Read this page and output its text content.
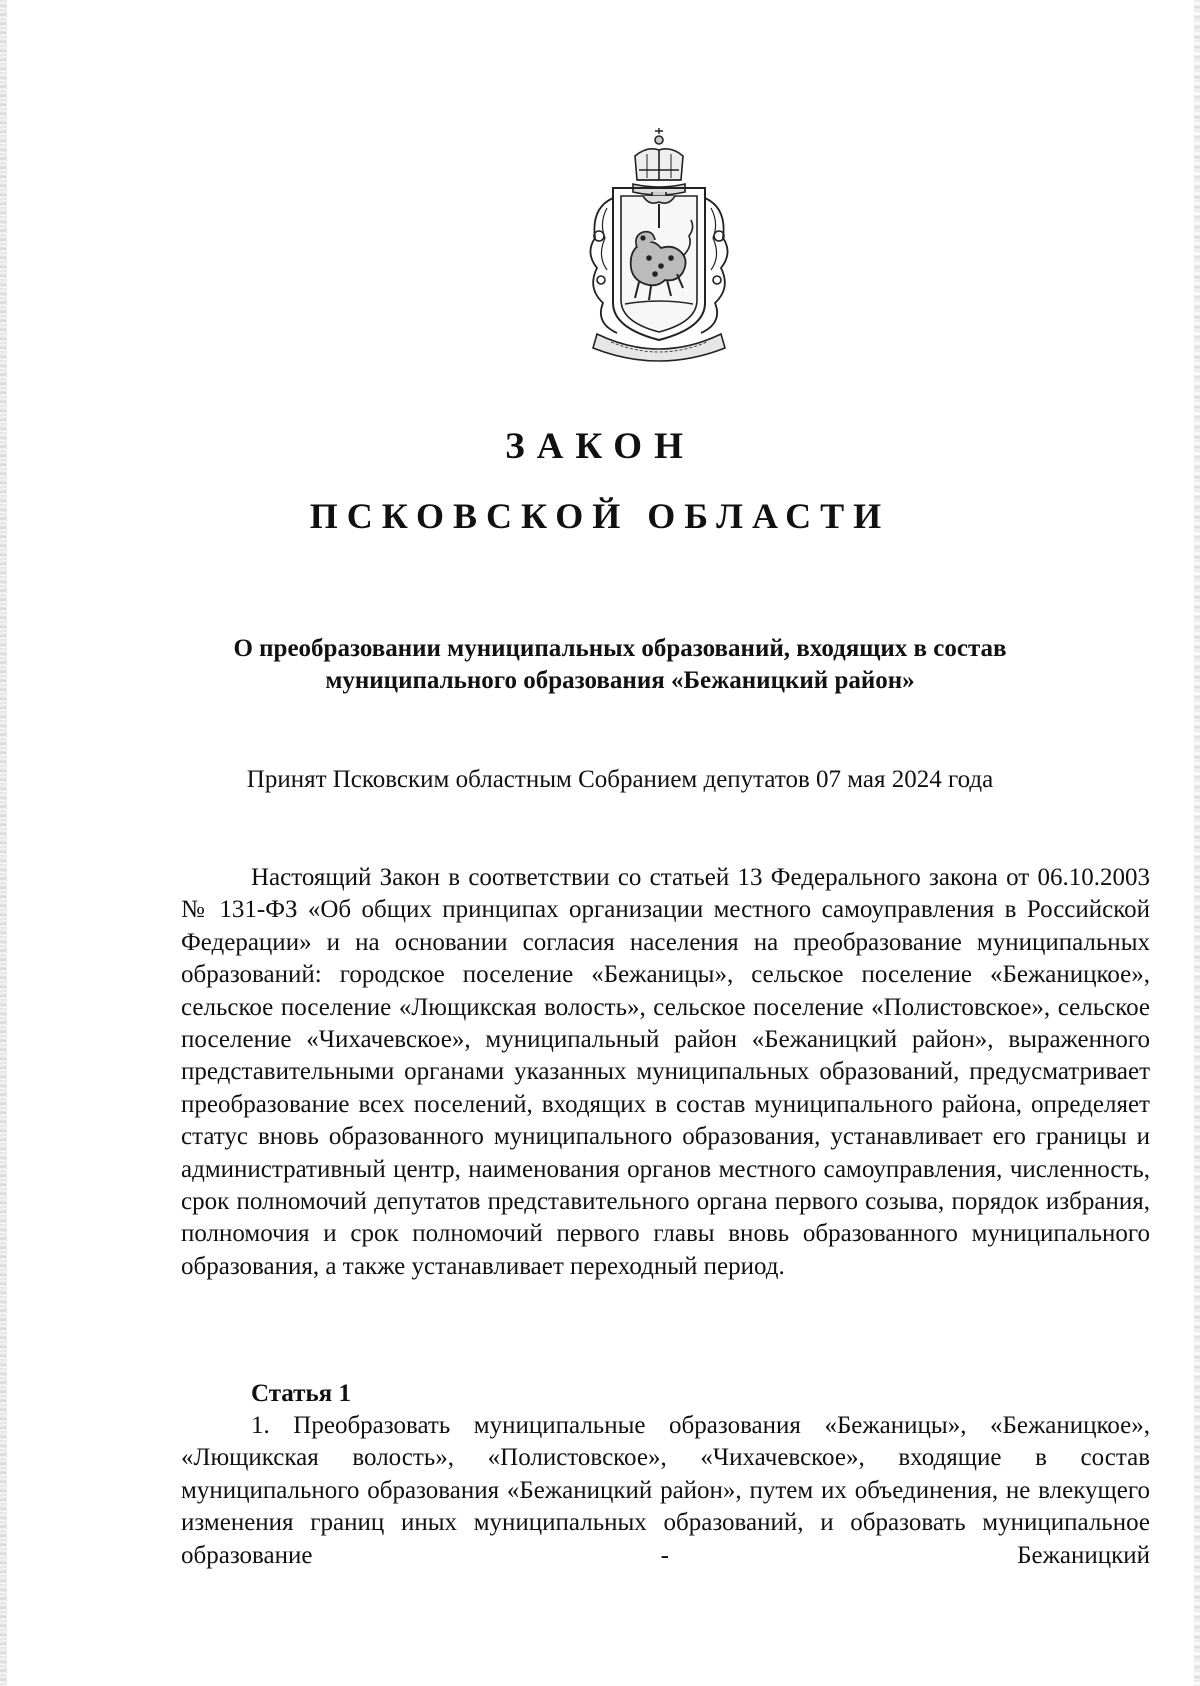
ЗАКОН
ПСКОВСКОЙ ОБЛАСТИ
О преобразовании муниципальных образований, входящих в состав муниципального образования «Бежаницкий район»
Принят Псковским областным Собранием депутатов 07 мая 2024 года

Настоящий Закон в соответствии со статьей 13 Федерального закона от 06.10.2003 № 131-ФЗ «Об общих принципах организации местного самоуправления в Российской Федерации» и на основании согласия населения на преобразование муниципальных образований: городское поселение «Бежаницы», сельское поселение «Бежаницкое», сельское поселение «Лющикская волость», сельское поселение «Полистовское», сельское поселение «Чихачевское», муниципальный район «Бежаницкий район», выраженного представительными органами указанных муниципальных образований, предусматривает преобразование всех поселений, входящих в состав муниципального района, определяет статус вновь образованного муниципального образования, устанавливает его границы и административный центр, наименования органов местного самоуправления, численность, срок полномочий депутатов представительного органа первого созыва, порядок избрания, полномочия и срок полномочий первого главы вновь образованного муниципального образования, а также устанавливает переходный период.

Статья 1

1. Преобразовать муниципальные образования «Бежаницы», «Бежаницкое», «Лющикская волость», «Полистовское», «Чихачевское», входящие в состав муниципального образования «Бежаницкий район», путем их объединения, не влекущего изменения границ иных муниципальных образований, и образовать муниципальное образование - Бежаницкий
